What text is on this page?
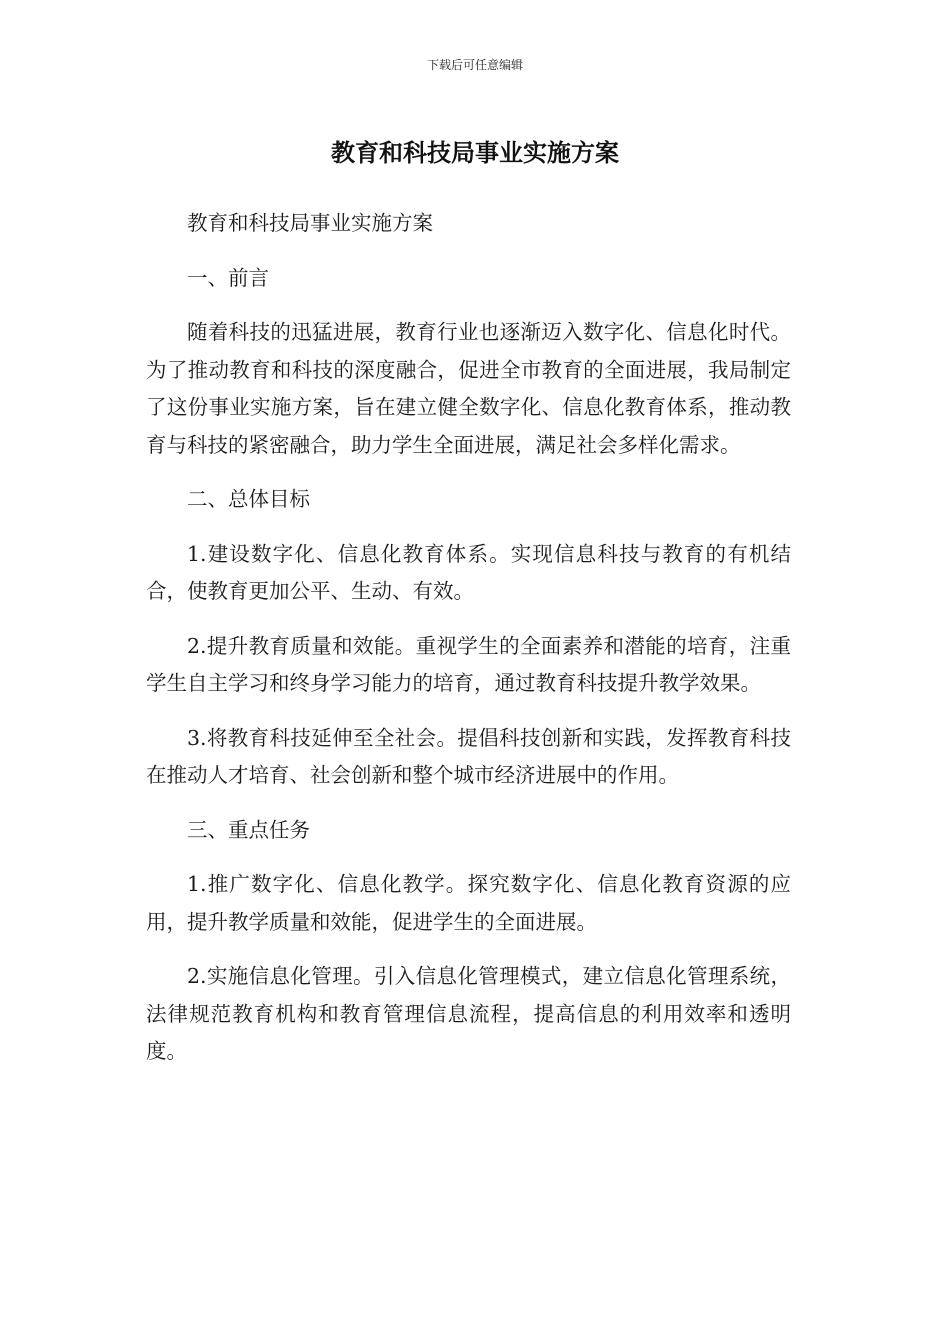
下载后可任意编辑
教育和科技局事业实施方案

教育和科技局事业实施方案

一、前言

随着科技的迅猛进展，教育行业也逐渐迈入数字化、信息化时代。为了推动教育和科技的深度融合，促进全市教育的全面进展，我局制定了这份事业实施方案，旨在建立健全数字化、信息化教育体系，推动教育与科技的紧密融合，助力学生全面进展，满足社会多样化需求。

二、总体目标

1.建设数字化、信息化教育体系。实现信息科技与教育的有机结合，使教育更加公平、生动、有效。

2.提升教育质量和效能。重视学生的全面素养和潜能的培育，注重学生自主学习和终身学习能力的培育，通过教育科技提升教学效果。

3.将教育科技延伸至全社会。提倡科技创新和实践，发挥教育科技在推动人才培育、社会创新和整个城市经济进展中的作用。

三、重点任务

1.推广数字化、信息化教学。探究数字化、信息化教育资源的应用，提升教学质量和效能，促进学生的全面进展。

2.实施信息化管理。引入信息化管理模式，建立信息化管理系统，法律规范教育机构和教育管理信息流程，提高信息的利用效率和透明度。
